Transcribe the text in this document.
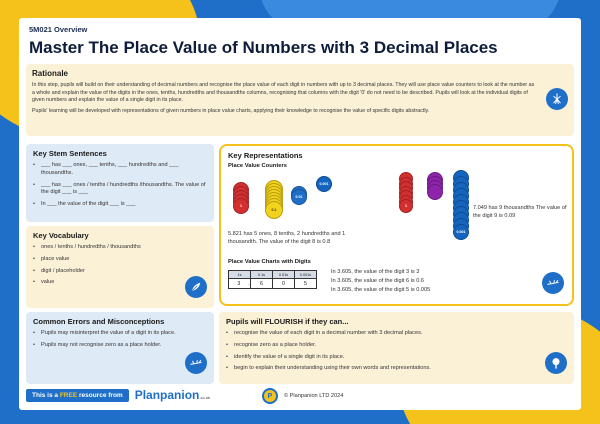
5M021 Overview
Master The Place Value of Numbers with 3 Decimal Places
Rationale

In this step, pupils will build on their understanding of decimal numbers and recognise the place value of each digit in numbers with up to 3 decimal places. They will use place value counters to look at the number as a whole and explain the value of the digits in the ones, tenths, hundredths and thousandths columns, recognising that columns with the digit '0' do not need to be described. Pupils will look at the individual digits of given numbers and explain the value of a single digit in its place.

Pupils' learning will be developed with representations of given numbers in place value charts, applying their knowledge to recognise the value of specific digits abstractly.

Key Stem Sentences
• ___ has ___ ones, ___ tenths, ___ hundredths and ___ thousandths.
• ___ has ___ ones / tenths / hundredths /thousandths. The value of the digit ___ is ___
• In ___ the value of the digit ___ is ___
Key Vocabulary
• ones / tenths / hundredths / thousandths
• place value
• digit / placeholder
• value
Common Errors and Misconceptions
• Pupils may misinterpret the value of a digit in its place.
• Pupils may not recognise zero as a place holder.
Key Representations
Place Value Counters
1
0.1
0.01
0.001
1
0.001
5.821 has 5 ones, 8 tenths, 2 hundredths and 1 thousandth. The value of the digit 8 is 0.8
7.049 has 9 thousandths The value of the digit 9 is 0.09
Place Value Charts with Digits
1s	0.1s	0.01s	0.001s
3 .	6	0	5
In 3.605, the value of the digit 3 is 3
In 3.605, the value of the digit 6 is 0.6
In 3.605, the value of the digit 5 is 0.005
Pupils will FLOURISH if they can...
• recognise the value of each digit in a decimal number with 3 decimal places.
• recognise zero as a place holder.
• identify the value of a single digit in its place.
• begin to explain their understanding using their own words and representations.
This is a FREE resource from	Planpanion.co.uk	P	© Planpanion LTD 2024
